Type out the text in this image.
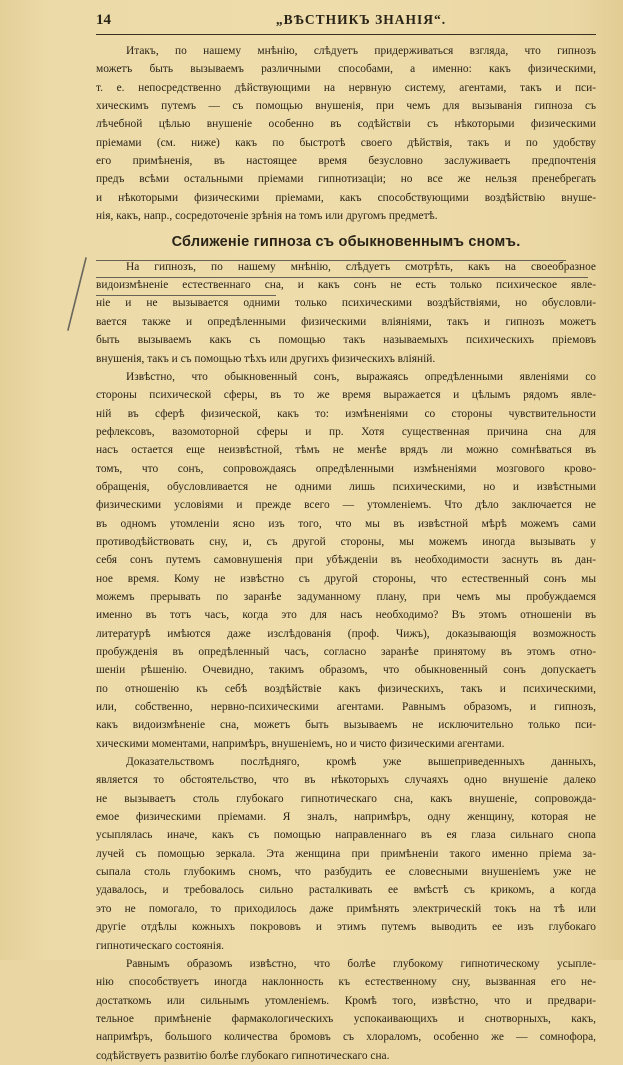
14	„ВѢСТНИКЪ ЗНАНІЯ“.

Итакъ, по нашему мнѣнію, слѣдуетъ придерживаться взгляда, что гипнозъ
можетъ быть вызываемъ различными способами, а именно: какъ физическими,
т. е. непосредственно дѣйствующими на нервную систему, агентами, такъ и пси-
хическимъ путемъ — съ помощью внушенія, при чемъ для вызыванія гипноза съ
лѣчебной цѣлью внушеніе особенно въ содѣйствіи съ нѣкоторыми физическими
пріемами (см. ниже) какъ по быстротѣ своего дѣйствія, такъ и по удобству
его примѣненія, въ настоящее время безусловно заслуживаетъ предпочтенія
предъ всѣми остальными пріемами гипнотизаціи; но все же нельзя пренебрегать
и нѣкоторыми физическими пріемами, какъ способствующими воздѣйствію внуше-
нія, какъ, напр., сосредоточеніе зрѣнія на томъ или другомъ предметѣ.

Сближеніе гипноза съ обыкновеннымъ сномъ.

На гипнозъ, по нашему мнѣнію, слѣдуетъ смотрѣть, какъ на своеобразное
видоизмѣненіе естественнаго сна, и какъ сонъ не есть только психическое явле-
ніе и не вызывается одними только психическими воздѣйствіями, но обусловли-
вается также и опредѣленными физическими вліяніями, такъ и гипнозъ можетъ
быть вызываемъ какъ съ помощью такъ называемыхъ психическихъ пріемовъ
внушенія, такъ и съ помощью тѣхъ или другихъ физическихъ вліяній.

Извѣстно, что обыкновенный сонъ, выражаясь опредѣленными явленіями со
стороны психической сферы, въ то же время выражается и цѣлымъ рядомъ явле-
ній въ сферѣ физической, какъ то: измѣненіями со стороны чувствительности
рефлексовъ, вазомоторной сферы и пр. Хотя существенная причина сна для
насъ остается еще неизвѣстной, тѣмъ не менѣе врядъ ли можно сомнѣваться въ
томъ, что сонъ, сопровождаясь опредѣленными измѣненіями мозгового крово-
обращенія, обусловливается не одними лишь психическими, но и извѣстными
физическими условіями и прежде всего — утомленіемъ. Что дѣло заключается не
въ одномъ утомленіи ясно изъ того, что мы въ извѣстной мѣрѣ можемъ сами
противодѣйствовать сну, и, съ другой стороны, мы можемъ иногда вызывать у
себя сонъ путемъ самовнушенія при убѣжденіи въ необходимости заснуть въ дан-
ное время. Кому не извѣстно съ другой стороны, что естественный сонъ мы
можемъ прерывать по заранѣе задуманному плану, при чемъ мы пробуждаемся
именно въ тотъ часъ, когда это для насъ необходимо? Въ этомъ отношеніи въ
литературѣ имѣются даже изслѣдованія (проф. Чижъ), доказывающія возможность
пробужденія въ опредѣленный часъ, согласно заранѣе принятому въ этомъ отно-
шеніи рѣшенію. Очевидно, такимъ образомъ, что обыкновенный сонъ допускаетъ
по отношенію къ себѣ воздѣйствіе какъ физическихъ, такъ и психическими,
или, собственно, нервно-психическими агентами. Равнымъ образомъ, и гипнозъ,
какъ видоизмѣненіе сна, можетъ быть вызываемъ не исключительно только пси-
хическими моментами, напримѣръ, внушеніемъ, но и чисто физическими агентами.

Доказательствомъ послѣдняго, кромѣ уже вышеприведенныхъ данныхъ,
является то обстоятельство, что въ нѣкоторыхъ случаяхъ одно внушеніе далеко
не вызываетъ столь глубокаго гипнотическаго сна, какъ внушеніе, сопровожда-
емое физическими пріемами. Я зналъ, напримѣръ, одну женщину, которая не
усыплялась иначе, какъ съ помощью направленнаго въ ея глаза сильнаго снопа
лучей съ помощью зеркала. Эта женщина при примѣненіи такого именно пріема за-
сыпала столь глубокимъ сномъ, что разбудить ее словесными внушеніемъ уже не
удавалось, и требовалось сильно расталкивать ее вмѣстѣ съ крикомъ, а когда
это не помогало, то приходилось даже примѣнять электрическій токъ на тѣ или
другіе отдѣлы кожныхъ покрововъ и этимъ путемъ выводить ее изъ глубокаго
гипнотическаго состоянія.

Равнымъ образомъ извѣстно, что болѣе глубокому гипнотическому усыпле-
нію способствуетъ иногда наклонность къ естественному сну, вызванная его не-
достаткомъ или сильнымъ утомленіемъ. Кромѣ того, извѣстно, что и предвари-
тельное примѣненіе фармакологическихъ успокаивающихъ и снотворныхъ, какъ,
напримѣръ, большого количества бромовъ съ хлораломъ, особенно же — сомнофора,
содѣйствуетъ развитію болѣе глубокаго гипнотическаго сна.
